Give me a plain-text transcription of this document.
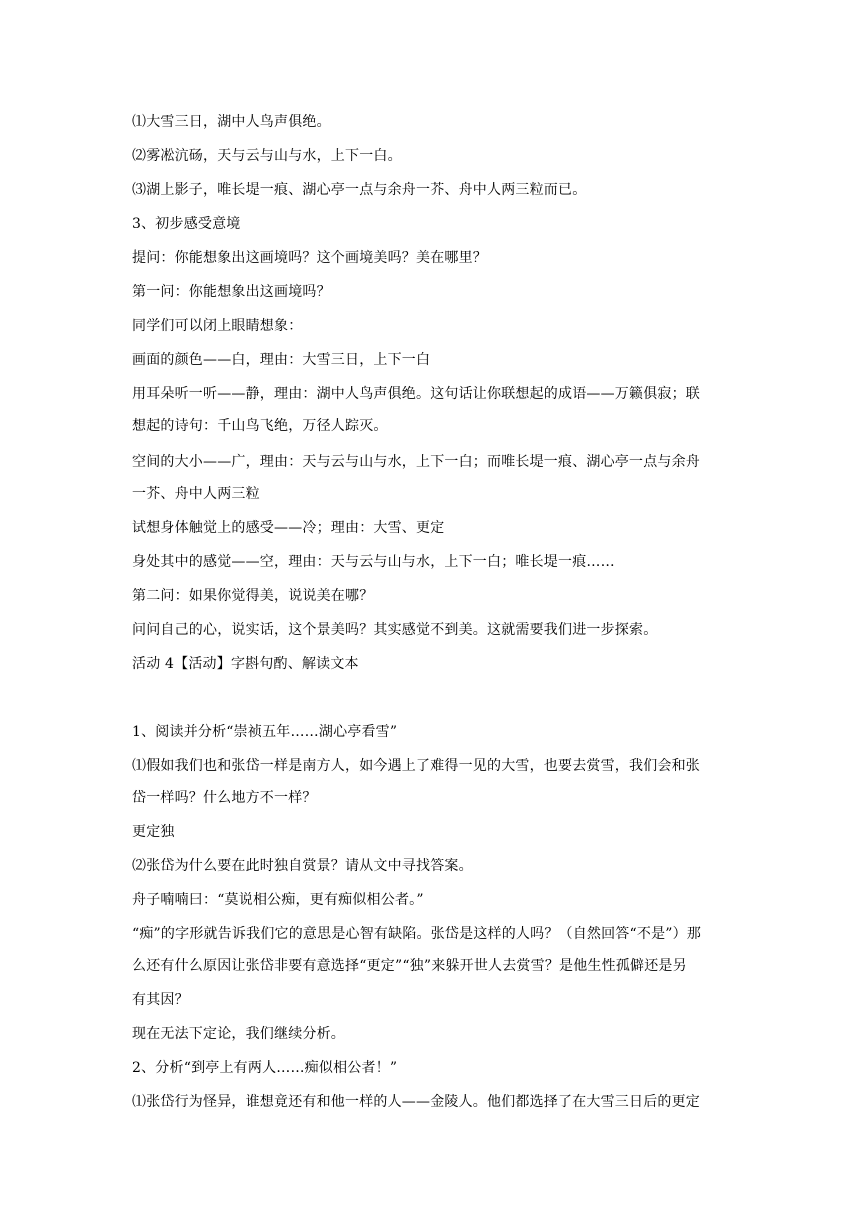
⑴大雪三日，湖中人鸟声俱绝。
⑵雾凇沆砀，天与云与山与水，上下一白。
⑶湖上影子，唯长堤一痕、湖心亭一点与余舟一芥、舟中人两三粒而已。
3、初步感受意境
提问：你能想象出这画境吗？这个画境美吗？美在哪里？
第一问：你能想象出这画境吗？
同学们可以闭上眼睛想象：
画面的颜色——白，理由：大雪三日，上下一白
用耳朵听一听——静，理由：湖中人鸟声俱绝。这句话让你联想起的成语——万籁俱寂；联
想起的诗句：千山鸟飞绝，万径人踪灭。
空间的大小——广，理由：天与云与山与水，上下一白；而唯长堤一痕、湖心亭一点与余舟
一芥、舟中人两三粒
试想身体触觉上的感受——冷；理由：大雪、更定
身处其中的感觉——空，理由：天与云与山与水，上下一白；唯长堤一痕……
第二问：如果你觉得美，说说美在哪？
问问自己的心，说实话，这个景美吗？其实感觉不到美。这就需要我们进一步探索。
活动 4【活动】字斟句酌、解读文本
1、阅读并分析“崇祯五年……湖心亭看雪”
⑴假如我们也和张岱一样是南方人，如今遇上了难得一见的大雪，也要去赏雪，我们会和张
岱一样吗？什么地方不一样？
更定独
⑵张岱为什么要在此时独自赏景？请从文中寻找答案。
舟子喃喃曰：“莫说相公痴，更有痴似相公者。”
“痴”的字形就告诉我们它的意思是心智有缺陷。张岱是这样的人吗？（自然回答“不是”）那
么还有什么原因让张岱非要有意选择“更定”“独”来躲开世人去赏雪？是他生性孤僻还是另
有其因？
现在无法下定论，我们继续分析。
2、分析“到亭上有两人……痴似相公者！”
⑴张岱行为怪异，谁想竟还有和他一样的人——金陵人。他们都选择了在大雪三日后的更定
